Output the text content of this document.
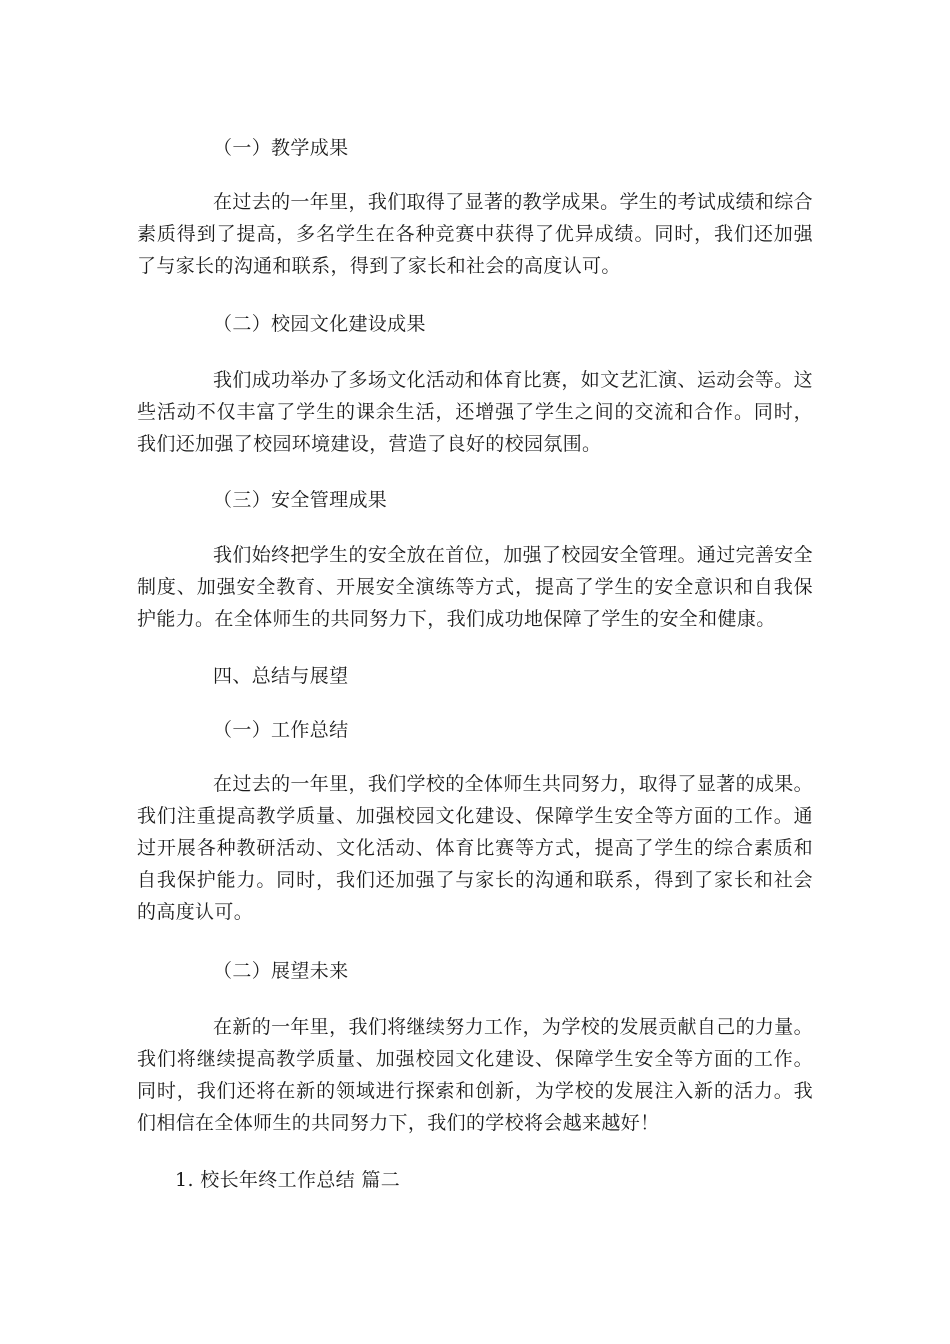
（一）教学成果
在过去的一年里，我们取得了显著的教学成果。学生的考试成绩和综合素质得到了提高，多名学生在各种竞赛中获得了优异成绩。同时，我们还加强了与家长的沟通和联系，得到了家长和社会的高度认可。
（二）校园文化建设成果
我们成功举办了多场文化活动和体育比赛，如文艺汇演、运动会等。这些活动不仅丰富了学生的课余生活，还增强了学生之间的交流和合作。同时，我们还加强了校园环境建设，营造了良好的校园氛围。
（三）安全管理成果
我们始终把学生的安全放在首位，加强了校园安全管理。通过完善安全制度、加强安全教育、开展安全演练等方式，提高了学生的安全意识和自我保护能力。在全体师生的共同努力下，我们成功地保障了学生的安全和健康。
四、总结与展望
（一）工作总结
在过去的一年里，我们学校的全体师生共同努力，取得了显著的成果。我们注重提高教学质量、加强校园文化建设、保障学生安全等方面的工作。通过开展各种教研活动、文化活动、体育比赛等方式，提高了学生的综合素质和自我保护能力。同时，我们还加强了与家长的沟通和联系，得到了家长和社会的高度认可。
（二）展望未来
在新的一年里，我们将继续努力工作，为学校的发展贡献自己的力量。我们将继续提高教学质量、加强校园文化建设、保障学生安全等方面的工作。同时，我们还将在新的领域进行探索和创新，为学校的发展注入新的活力。我们相信在全体师生的共同努力下，我们的学校将会越来越好！
1. 校长年终工作总结 篇二
